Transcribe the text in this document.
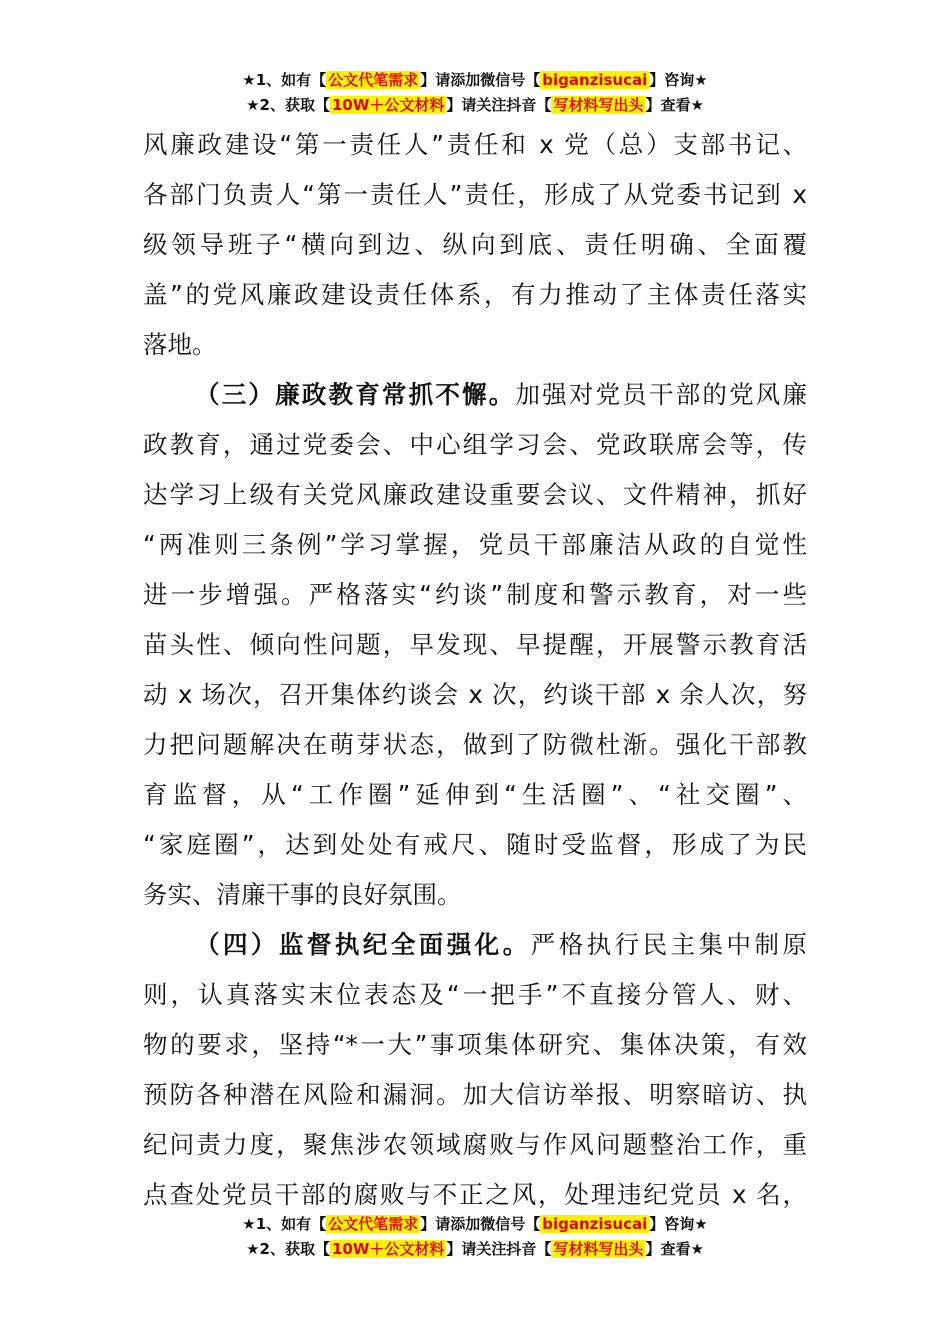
★1、如有【 公文代笔需求 】请添加微信号【 biganzisucai 】咨询★
★2、获取【 10W＋公文材料 】请关注抖音【 写材料写出头 】查看★
风廉政建设“第一责任人”责任和 x 党（总）支部书记、
各部门负责人“第一责任人”责任，形成了从党委书记到 x
级领导班子“横向到边、纵向到底、责任明确、全面覆
盖”的党风廉政建设责任体系，有力推动了主体责任落实
落地。
（三）廉政教育常抓不懈。加强对党员干部的党风廉
政教育，通过党委会、中心组学习会、党政联席会等，传
达学习上级有关党风廉政建设重要会议、文件精神，抓好
“两准则三条例”学习掌握，党员干部廉洁从政的自觉性
进一步增强。严格落实“约谈”制度和警示教育，对一些
苗头性、倾向性问题，早发现、早提醒，开展警示教育活
动 x 场次，召开集体约谈会 x 次，约谈干部 x 余人次，努
力把问题解决在萌芽状态，做到了防微杜渐。强化干部教
育监督，从“工作圈”延伸到“生活圈”、“社交圈”、
“家庭圈”，达到处处有戒尺、随时受监督，形成了为民
务实、清廉干事的良好氛围。
（四）监督执纪全面强化。严格执行民主集中制原
则，认真落实末位表态及“一把手”不直接分管人、财、
物的要求，坚持“*一大”事项集体研究、集体决策，有效
预防各种潜在风险和漏洞。加大信访举报、明察暗访、执
纪问责力度，聚焦涉农领域腐败与作风问题整治工作，重
点查处党员干部的腐败与不正之风，处理违纪党员 x 名，
★1、如有【 公文代笔需求 】请添加微信号【 biganzisucai 】咨询★
★2、获取【 10W＋公文材料 】请关注抖音【 写材料写出头 】查看★
